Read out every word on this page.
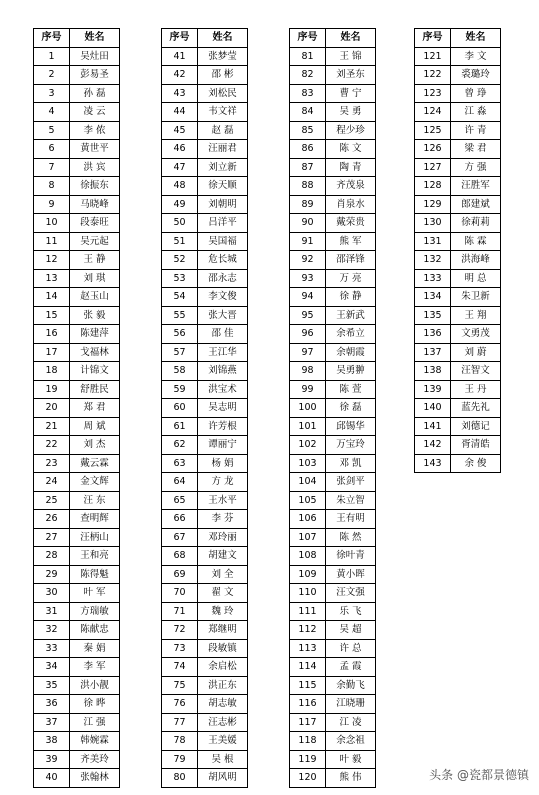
序号	姓名
1	吴灶田
2	彭易圣
3	孙 磊
4	凌 云
5	李 侬
6	黄世平
7	洪 宾
8	徐振东
9	马晓峰
10	段泰旺
11	吴元起
12	王 静
13	刘 琪
14	赵玉山
15	张 毅
16	陈建萍
17	戈福林
18	计锦文
19	舒胜民
20	郑 君
21	周 斌
22	刘 杰
23	戴云霖
24	金文辉
25	汪 东
26	查明辉
27	汪柄山
28	王和亮
29	陈得魁
30	叶 军
31	方瑞敏
32	陈献忠
33	秦 娟
34	李 军
35	洪小靓
36	徐 晔
37	江 强
38	韩婉霖
39	齐美玲
40	张翰林
序号	姓名
41	张梦莹
42	邵 彬
43	刘松民
44	韦文祥
45	赵 磊
46	汪丽君
47	刘立新
48	徐天顺
49	刘朝明
50	吕洋平
51	吴国福
52	危长城
53	邵永志
54	李文俊
55	张大晋
56	邵 佳
57	王江华
58	刘锦燕
59	洪宝术
60	吴志明
61	许芳根
62	谭丽宁
63	杨 娟
64	方 龙
65	王水平
66	李 芬
67	邓玲丽
68	胡建文
69	刘 全
70	翟 文
71	魏 玲
72	郑继明
73	段敏镇
74	余启松
75	洪正东
76	胡志敏
77	汪志彬
78	王美媛
79	吴 根
80	胡风明
序号	姓名
81	王 锦
82	刘圣东
83	曹 宁
84	吴 勇
85	程少珍
86	陈 文
87	陶 青
88	齐茂泉
89	肖泉水
90	戴荣贵
91	熊 军
92	邵泽锋
93	万 亮
94	徐 静
95	王新武
96	余希立
97	余朝霞
98	吴勇翀
99	陈 萱
100	徐 磊
101	邱锡华
102	万宝玲
103	邓 凯
104	张剑平
105	朱立智
106	王有明
107	陈 然
108	徐叶青
109	黄小晖
110	汪文强
111	乐 飞
112	吴 超
113	许 总
114	孟 霞
115	余勤飞
116	江晓珊
117	江 凌
118	余念祖
119	叶 毅
120	熊 伟
序号	姓名
121	李 文
122	裘璐玲
123	曾 琤
124	江 淼
125	许 青
126	梁 君
127	方 强
128	汪胜军
129	郎建斌
130	徐莉莉
131	陈 霖
132	洪海峰
133	明 总
134	朱卫新
135	王 翔
136	文勇茂
137	刘 蔚
138	汪智文
139	王 丹
140	蓝先礼
141	刘德记
142	胥清皓
143	余 俊
头条 @瓷都景德镇
